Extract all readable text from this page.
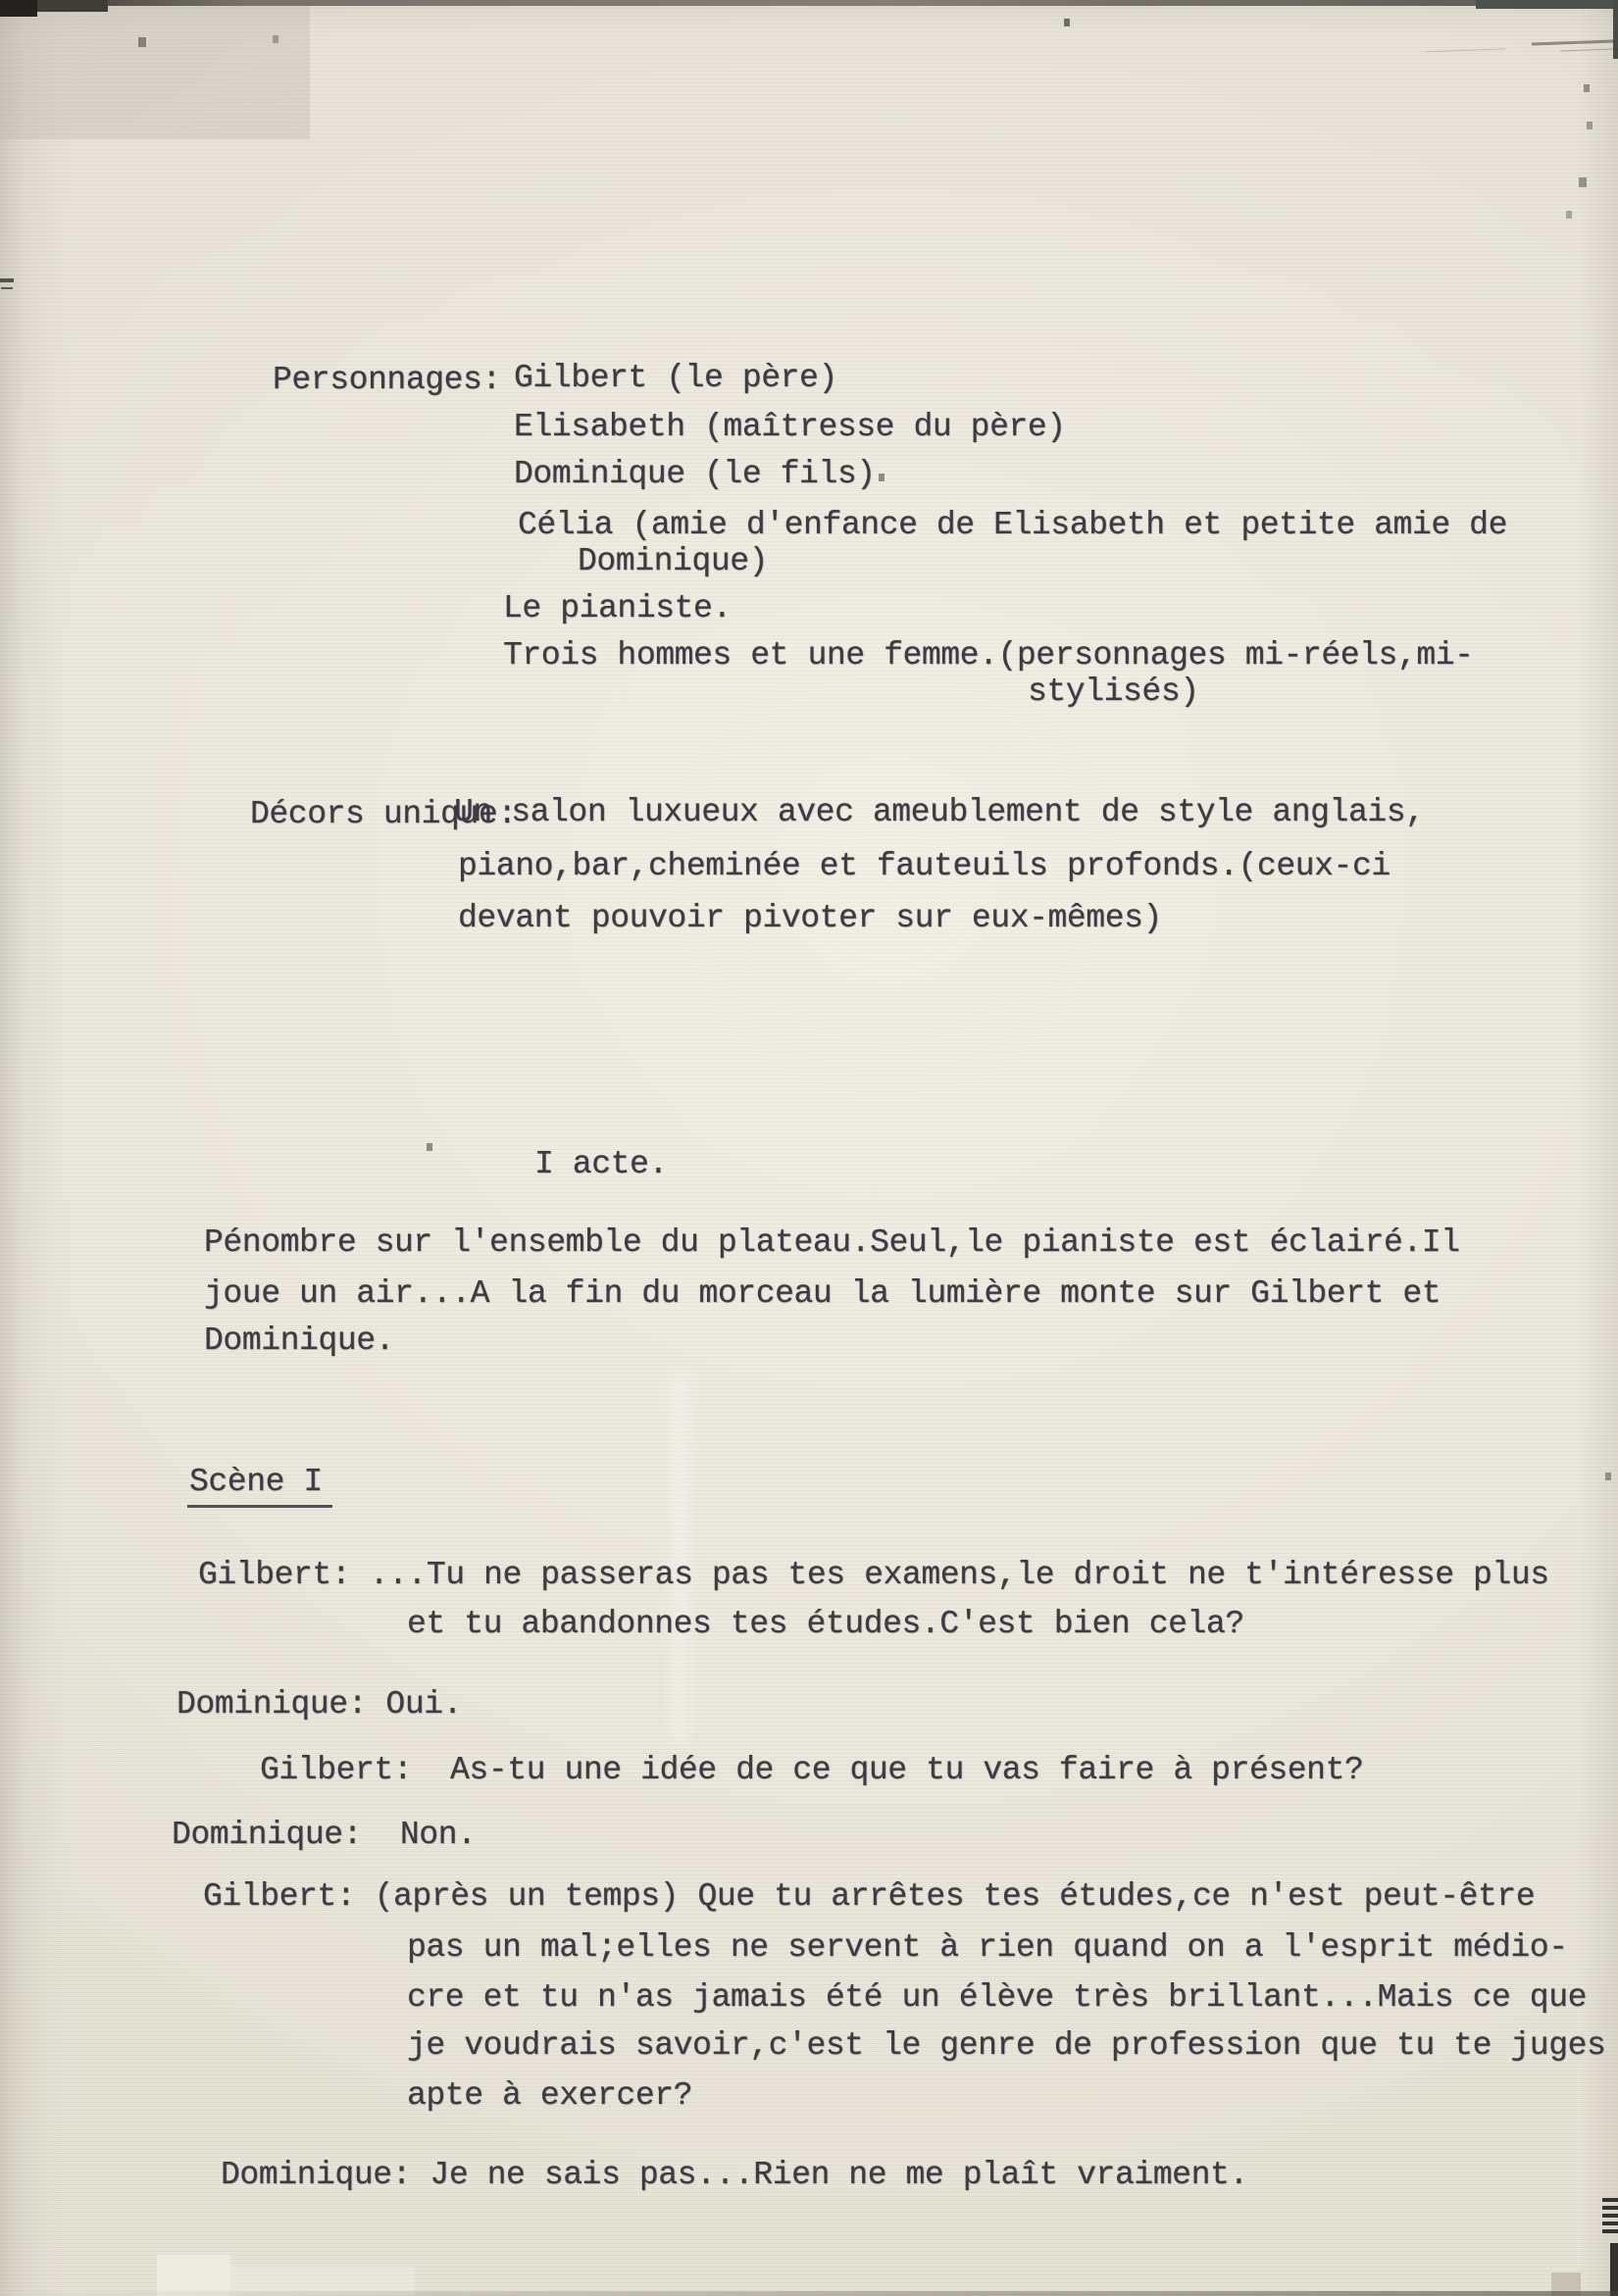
Personnages: Gilbert (le père)
Elisabeth (maîtresse du père)
Dominique (le fils)
Célia (amie d'enfance de Elisabeth et petite amie de
Dominique)
Le pianiste.
Trois hommes et une femme.(personnages mi-réels,mi-
stylisés)
Décors unique:
Un salon luxueux avec ameublement de style anglais,
piano,bar,cheminée et fauteuils profonds.(ceux-ci
devant pouvoir pivoter sur eux-mêmes)
I acte.
Pénombre sur l'ensemble du plateau.Seul,le pianiste est éclairé.Il
joue un air...A la fin du morceau la lumière monte sur Gilbert et
Dominique.
Scène I
Gilbert: ...Tu ne passeras pas tes examens,le droit ne t'intéresse plus
et tu abandonnes tes études.C'est bien cela?
Dominique: Oui.
Gilbert:  As-tu une idée de ce que tu vas faire à présent?
Dominique:  Non.
Gilbert: (après un temps) Que tu arrêtes tes études,ce n'est peut-être
pas un mal;elles ne servent à rien quand on a l'esprit médio-
cre et tu n'as jamais été un élève très brillant...Mais ce que
je voudrais savoir,c'est le genre de profession que tu te juges
apte à exercer?
Dominique: Je ne sais pas...Rien ne me plaît vraiment.
